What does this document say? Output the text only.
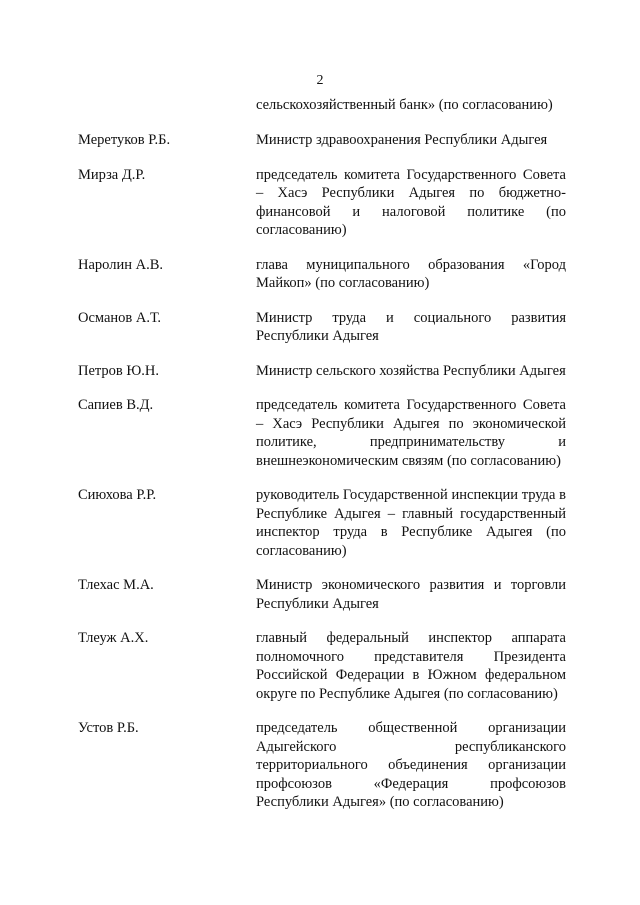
2
сельскохозяйственный банк» (по согласованию)
Меретуков Р.Б.	Министр здравоохранения Республики Адыгея
Мирза Д.Р.	председатель комитета Государственного Совета – Хасэ Республики Адыгея по бюджетно-финансовой и налоговой политике (по согласованию)
Наролин А.В.	глава муниципального образования «Город Майкоп» (по согласованию)
Османов А.Т.	Министр труда и социального развития Республики Адыгея
Петров Ю.Н.	Министр сельского хозяйства Республики Адыгея
Сапиев В.Д.	председатель комитета Государственного Совета – Хасэ Республики Адыгея по экономической политике, предпринимательству и внешнеэкономическим связям (по согласованию)
Сиюхова Р.Р.	руководитель Государственной инспекции труда в Республике Адыгея – главный государственный инспектор труда в Республике Адыгея (по согласованию)
Тлехас М.А.	Министр экономического развития и торговли Республики Адыгея
Тлеуж А.Х.	главный федеральный инспектор аппарата полномочного представителя Президента Российской Федерации в Южном федеральном округе по Республике Адыгея (по согласованию)
Устов Р.Б.	председатель общественной организации Адыгейского республиканского территориального объединения организации профсоюзов «Федерация профсоюзов Республики Адыгея» (по согласованию)
